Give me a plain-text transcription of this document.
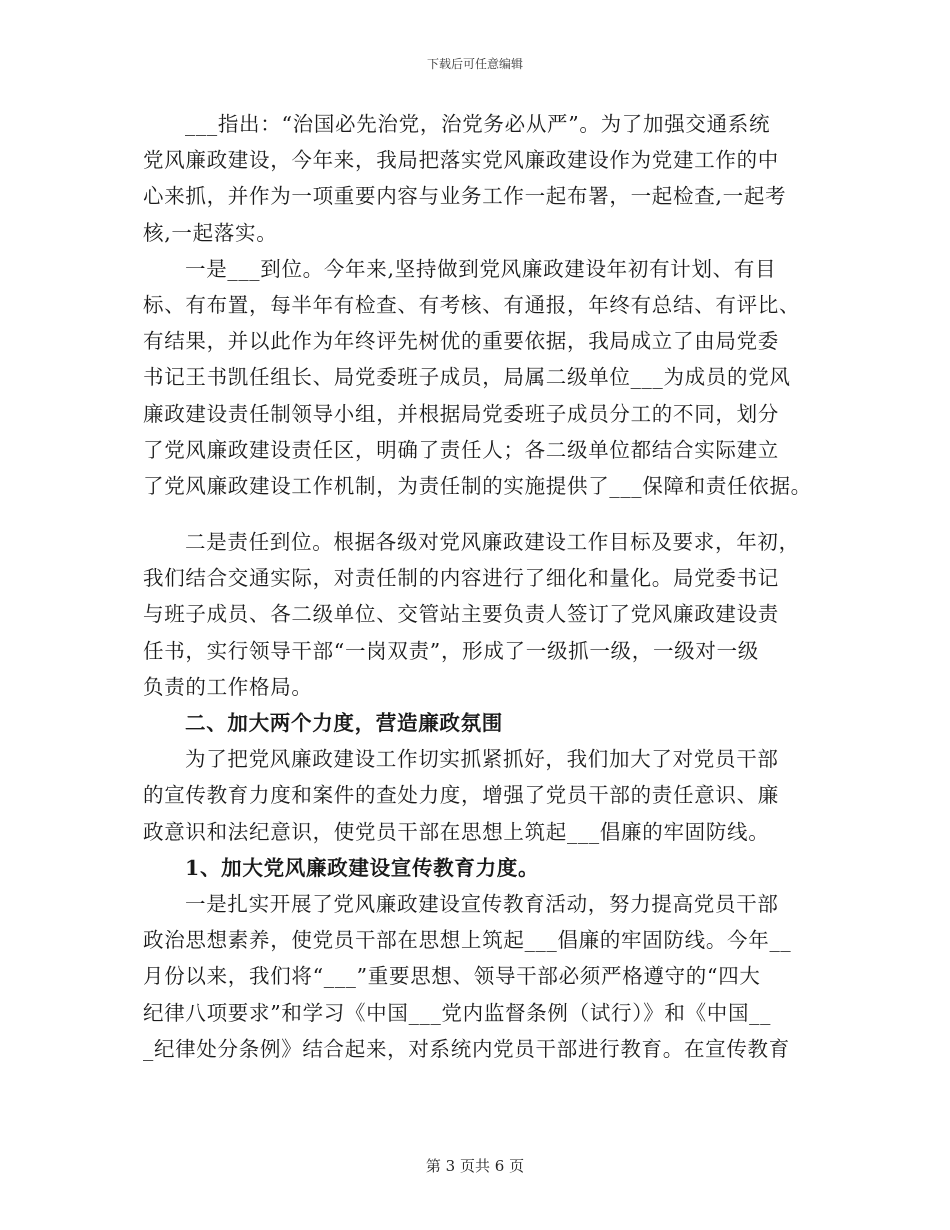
下载后可任意编辑
___指出：“治国必先治党，治党务必从严”。为了加强交通系统
党风廉政建设，今年来，我局把落实党风廉政建设作为党建工作的中
心来抓，并作为一项重要内容与业务工作一起布署，一起检查,一起考
核,一起落实。
一是___到位。今年来,坚持做到党风廉政建设年初有计划、有目
标、有布置，每半年有检查、有考核、有通报，年终有总结、有评比、
有结果，并以此作为年终评先树优的重要依据，我局成立了由局党委
书记王书凯任组长、局党委班子成员，局属二级单位___为成员的党风
廉政建设责任制领导小组，并根据局党委班子成员分工的不同，划分
了党风廉政建设责任区，明确了责任人；各二级单位都结合实际建立
了党风廉政建设工作机制，为责任制的实施提供了___保障和责任依据。
二是责任到位。根据各级对党风廉政建设工作目标及要求，年初，
我们结合交通实际，对责任制的内容进行了细化和量化。局党委书记
与班子成员、各二级单位、交管站主要负责人签订了党风廉政建设责
任书，实行领导干部“一岗双责”，形成了一级抓一级，一级对一级
负责的工作格局。
二、加大两个力度，营造廉政氛围
为了把党风廉政建设工作切实抓紧抓好，我们加大了对党员干部
的宣传教育力度和案件的查处力度，增强了党员干部的责任意识、廉
政意识和法纪意识，使党员干部在思想上筑起___倡廉的牢固防线。
1、加大党风廉政建设宣传教育力度。
一是扎实开展了党风廉政建设宣传教育活动，努力提高党员干部
政治思想素养，使党员干部在思想上筑起___倡廉的牢固防线。今年__
月份以来，我们将“___”重要思想、领导干部必须严格遵守的“四大
纪律八项要求”和学习《中国___党内监督条例（试行）》和《中国__
_纪律处分条例》结合起来，对系统内党员干部进行教育。在宣传教育
第 3 页共 6 页
